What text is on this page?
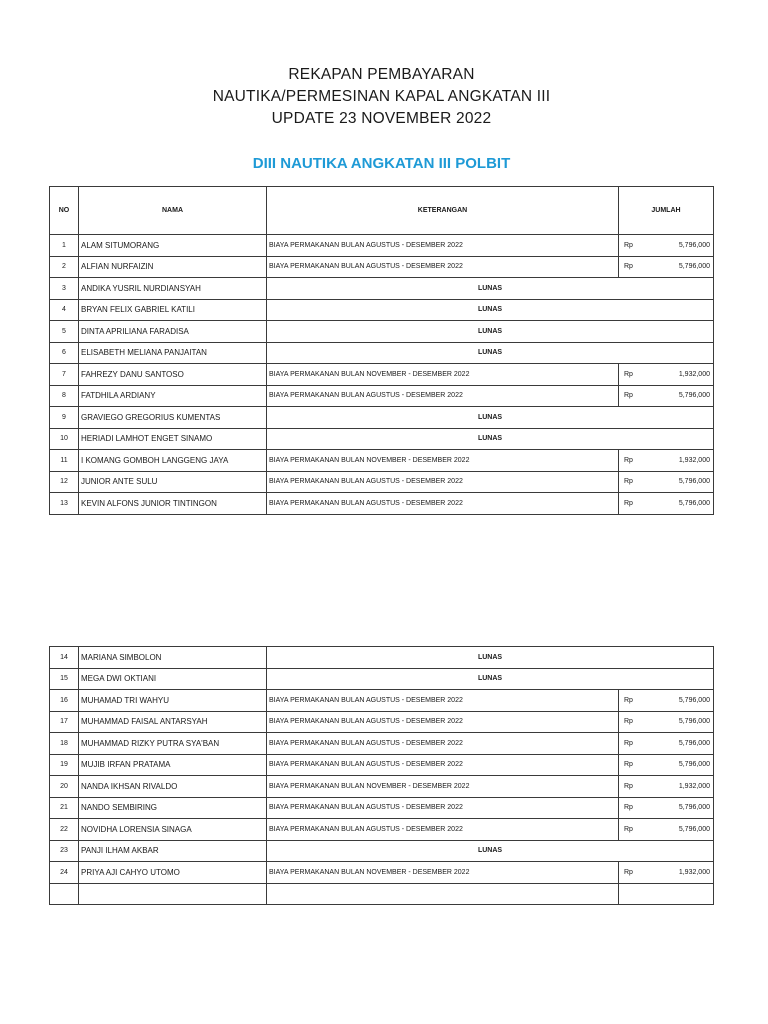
REKAPAN PEMBAYARAN
NAUTIKA/PERMESINAN KAPAL ANGKATAN III
UPDATE 23 NOVEMBER 2022
DIII NAUTIKA ANGKATAN III POLBIT
NO	NAMA	KETERANGAN	JUMLAH
1	ALAM SITUMORANG	BIAYA PERMAKANAN BULAN AGUSTUS - DESEMBER 2022	Rp 5,796,000

2	ALFIAN NURFAIZIN	BIAYA PERMAKANAN BULAN AGUSTUS - DESEMBER 2022	Rp 5,796,000

3	ANDIKA YUSRIL NURDIANSYAH	LUNAS	
4	BRYAN FELIX GABRIEL KATILI	LUNAS	
5	DINTA APRILIANA FARADISA	LUNAS	
6	ELISABETH MELIANA PANJAITAN	LUNAS	
7	FAHREZY DANU SANTOSO	BIAYA PERMAKANAN BULAN NOVEMBER - DESEMBER 2022	Rp 1,932,000

8	FATDHILA ARDIANY	BIAYA PERMAKANAN BULAN AGUSTUS - DESEMBER 2022	Rp 5,796,000

9	GRAVIEGO GREGORIUS KUMENTAS	LUNAS	
10	HERIADI LAMHOT ENGET SINAMO	LUNAS	
11	I KOMANG GOMBOH LANGGENG JAYA	BIAYA PERMAKANAN BULAN NOVEMBER - DESEMBER 2022	Rp 1,932,000

12	JUNIOR ANTE SULU	BIAYA PERMAKANAN BULAN AGUSTUS - DESEMBER 2022	Rp 5,796,000

13	KEVIN ALFONS JUNIOR TINTINGON	BIAYA PERMAKANAN BULAN AGUSTUS - DESEMBER 2022	Rp 5,796,000
14	MARIANA SIMBOLON	LUNAS	
15	MEGA DWI OKTIANI	LUNAS	
16	MUHAMAD TRI WAHYU	BIAYA PERMAKANAN BULAN AGUSTUS - DESEMBER 2022	Rp 5,796,000

17	MUHAMMAD FAISAL ANTARSYAH	BIAYA PERMAKANAN BULAN AGUSTUS - DESEMBER 2022	Rp 5,796,000

18	MUHAMMAD RIZKY PUTRA SYA'BAN	BIAYA PERMAKANAN BULAN AGUSTUS - DESEMBER 2022	Rp 5,796,000

19	MUJIB IRFAN PRATAMA	BIAYA PERMAKANAN BULAN AGUSTUS - DESEMBER 2022	Rp 5,796,000

20	NANDA IKHSAN RIVALDO	BIAYA PERMAKANAN BULAN NOVEMBER - DESEMBER 2022	Rp 1,932,000

21	NANDO SEMBIRING	BIAYA PERMAKANAN BULAN AGUSTUS - DESEMBER 2022	Rp 5,796,000

22	NOVIDHA LORENSIA SINAGA	BIAYA PERMAKANAN BULAN AGUSTUS - DESEMBER 2022	Rp 5,796,000

23	PANJI ILHAM AKBAR	LUNAS	
24	PRIYA AJI CAHYO UTOMO	BIAYA PERMAKANAN BULAN NOVEMBER - DESEMBER 2022	Rp 1,932,000
